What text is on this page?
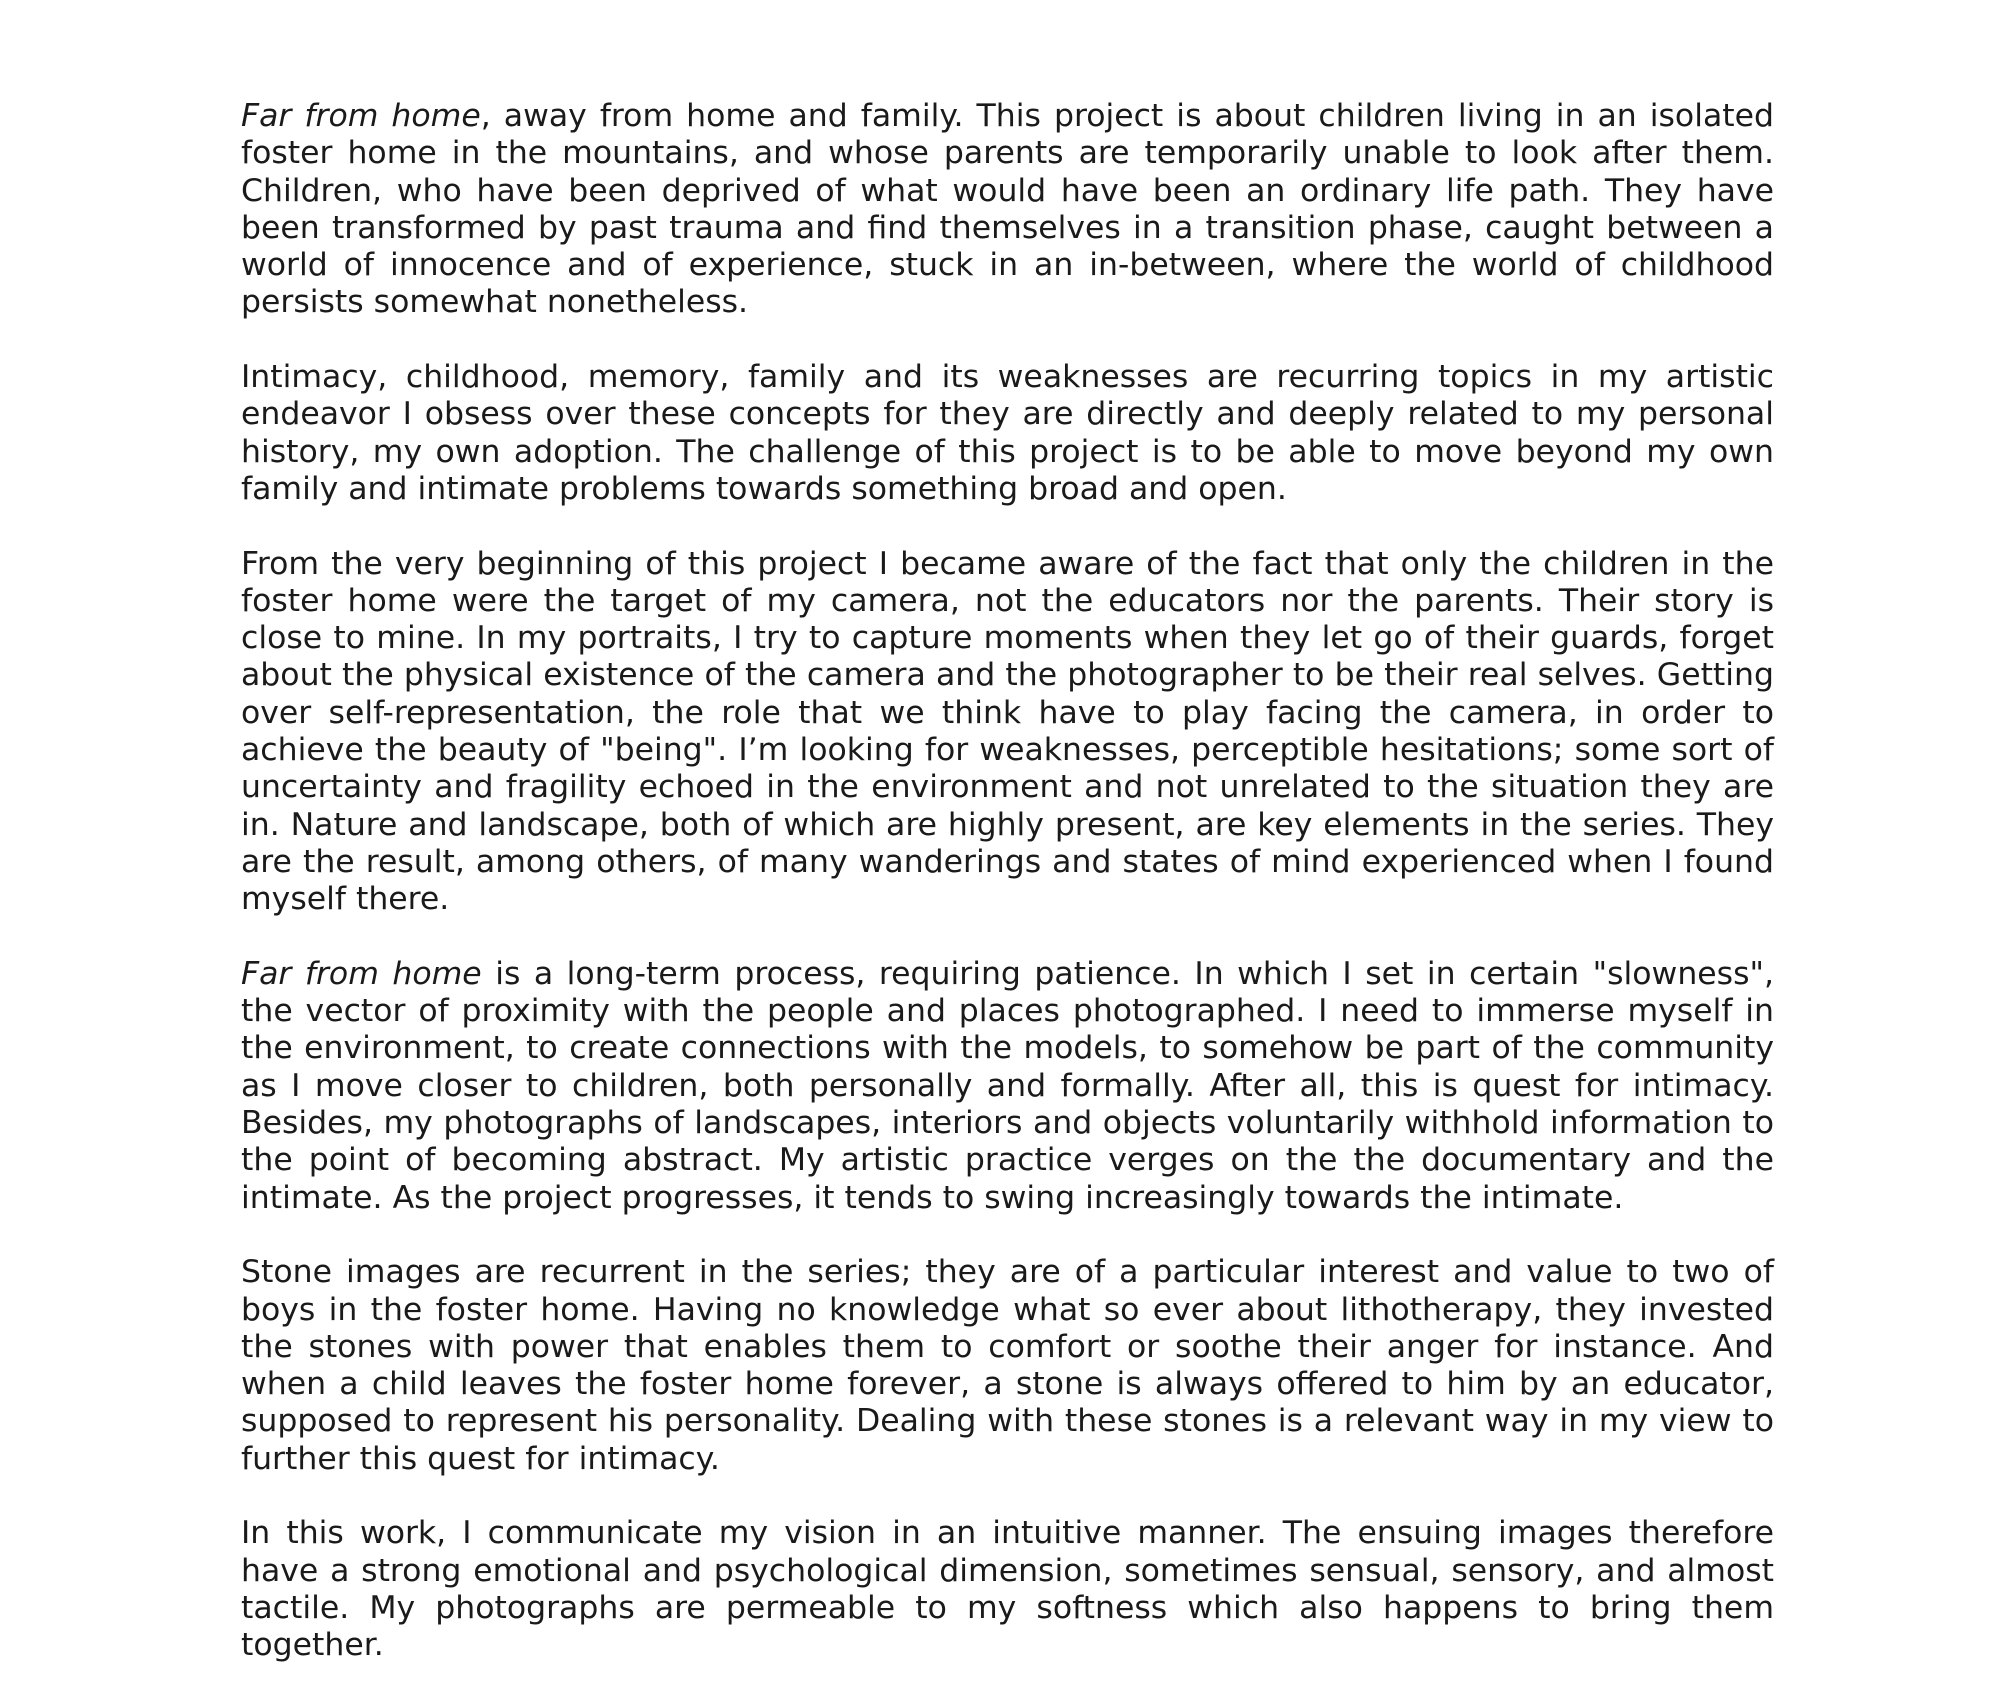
Far from home, away from home and family. This project is about children living in an isolated foster home in the mountains, and whose parents are temporarily unable to look after them. Children, who have been deprived of what would have been an ordinary life path. They have been transformed by past trauma and find themselves in a transition phase, caught between a world of innocence and of experience, stuck in an in-between, where the world of childhood persists somewhat nonetheless.

Intimacy, childhood, memory, family and its weaknesses are recurring topics in my artistic endeavor I obsess over these concepts for they are directly and deeply related to my personal history, my own adoption. The challenge of this project is to be able to move beyond my own family and intimate problems towards something broad and open.

From the very beginning of this project I became aware of the fact that only the children in the foster home were the target of my camera, not the educators nor the parents. Their story is close to mine. In my portraits, I try to capture moments when they let go of their guards, forget about the physical existence of the camera and the photographer to be their real selves. Getting over self-representation, the role that we think have to play facing the camera, in order to achieve the beauty of "being". I’m looking for weaknesses, perceptible hesitations; some sort of uncertainty and fragility echoed in the environment and not unrelated to the situation they are in. Nature and landscape, both of which are highly present, are key elements in the series. They are the result, among others, of many wanderings and states of mind experienced when I found myself there.

Far from home is a long-term process, requiring patience. In which I set in certain "slowness", the vector of proximity with the people and places photographed. I need to immerse myself in the environment, to create connections with the models, to somehow be part of the community as I move closer to children, both personally and formally. After all, this is quest for intimacy. Besides, my photographs of landscapes, interiors and objects voluntarily withhold information to the point of becoming abstract. My artistic practice verges on the the documentary and the intimate. As the project progresses, it tends to swing increasingly towards the intimate.

Stone images are recurrent in the series; they are of a particular interest and value to two of boys in the foster home. Having no knowledge what so ever about lithotherapy, they invested the stones with power that enables them to comfort or soothe their anger for instance. And when a child leaves the foster home forever, a stone is always offered to him by an educator, supposed to represent his personality. Dealing with these stones is a relevant way in my view to further this quest for intimacy.

In this work, I communicate my vision in an intuitive manner. The ensuing images therefore have a strong emotional and psychological dimension, sometimes sensual, sensory, and almost tactile. My photographs are permeable to my softness which also happens to bring them together.
